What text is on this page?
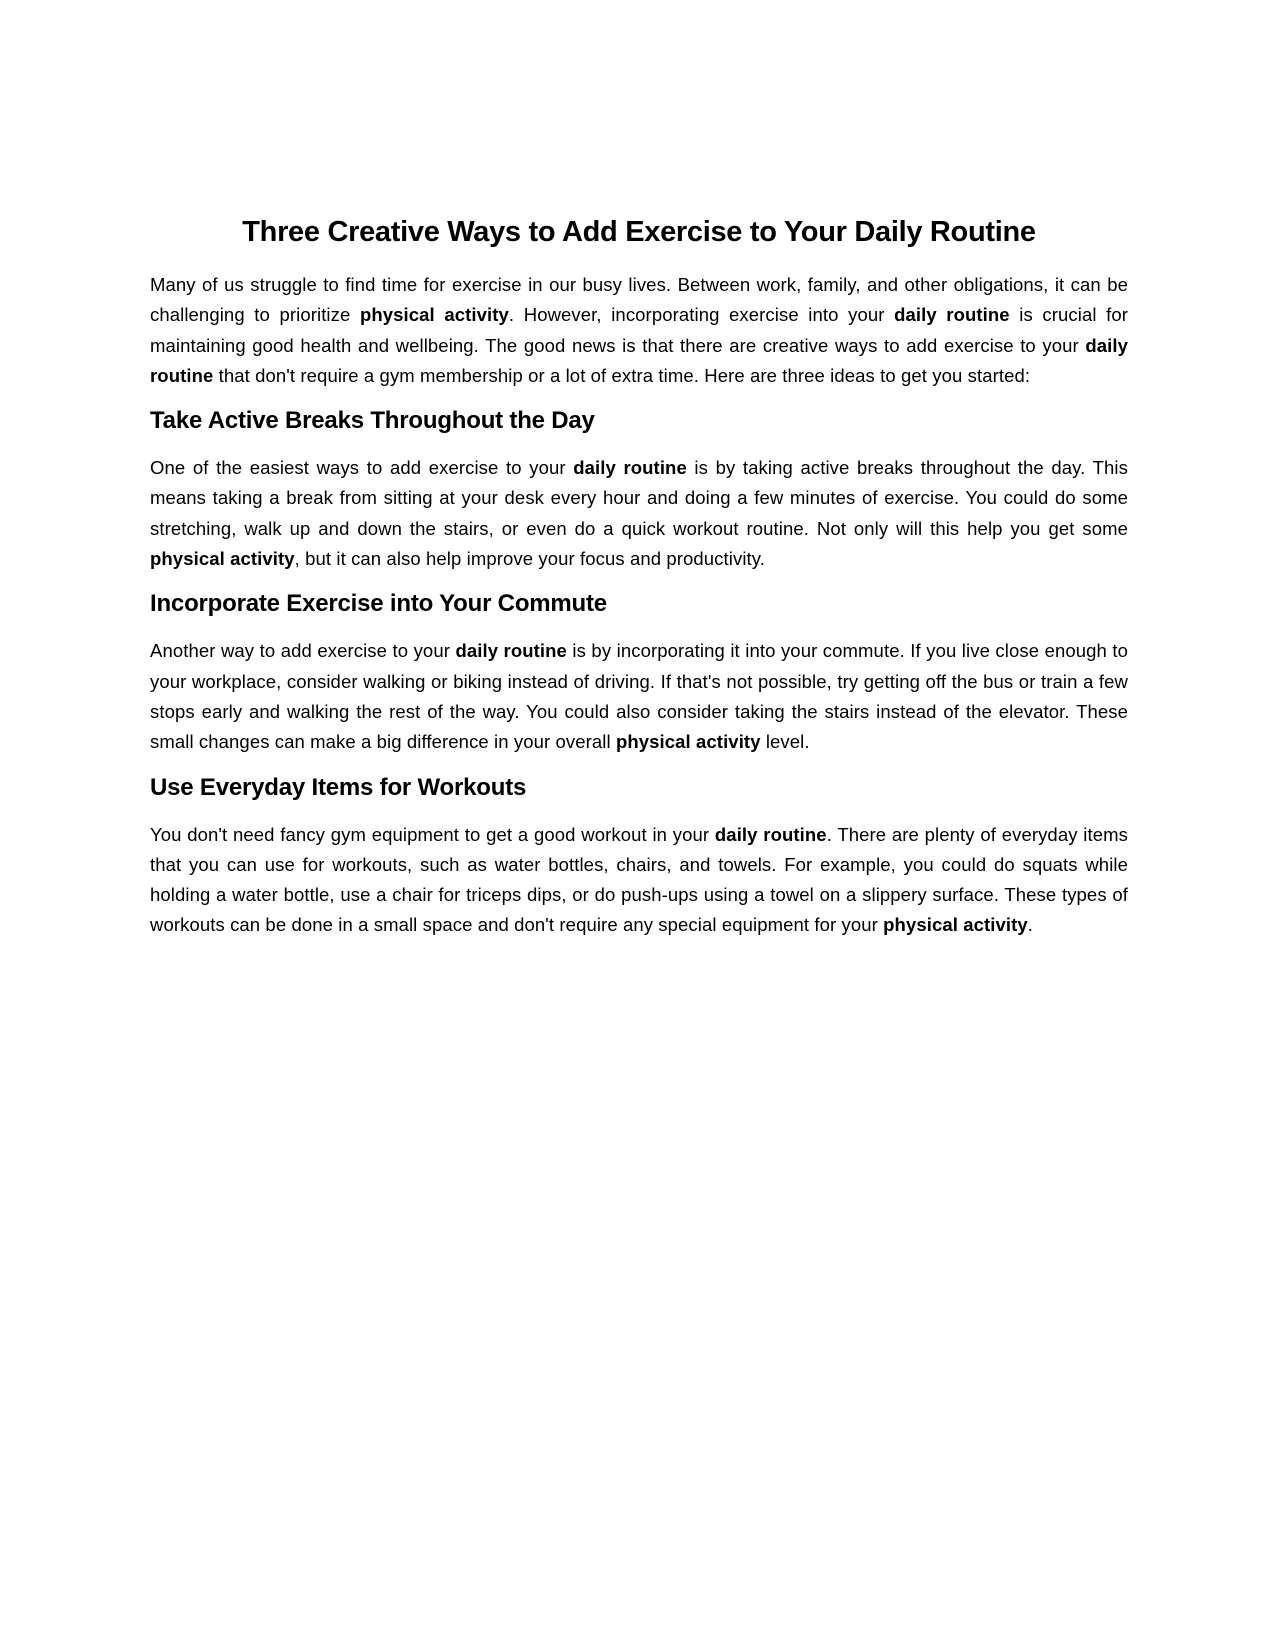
Three Creative Ways to Add Exercise to Your Daily Routine

Many of us struggle to find time for exercise in our busy lives. Between work, family, and other obligations, it can be challenging to prioritize physical activity. However, incorporating exercise into your daily routine is crucial for maintaining good health and wellbeing. The good news is that there are creative ways to add exercise to your daily routine that don't require a gym membership or a lot of extra time. Here are three ideas to get you started:

Take Active Breaks Throughout the Day

One of the easiest ways to add exercise to your daily routine is by taking active breaks throughout the day. This means taking a break from sitting at your desk every hour and doing a few minutes of exercise. You could do some stretching, walk up and down the stairs, or even do a quick workout routine. Not only will this help you get some physical activity, but it can also help improve your focus and productivity.

Incorporate Exercise into Your Commute

Another way to add exercise to your daily routine is by incorporating it into your commute. If you live close enough to your workplace, consider walking or biking instead of driving. If that's not possible, try getting off the bus or train a few stops early and walking the rest of the way. You could also consider taking the stairs instead of the elevator. These small changes can make a big difference in your overall physical activity level.

Use Everyday Items for Workouts

You don't need fancy gym equipment to get a good workout in your daily routine. There are plenty of everyday items that you can use for workouts, such as water bottles, chairs, and towels. For example, you could do squats while holding a water bottle, use a chair for triceps dips, or do push-ups using a towel on a slippery surface. These types of workouts can be done in a small space and don't require any special equipment for your physical activity.
